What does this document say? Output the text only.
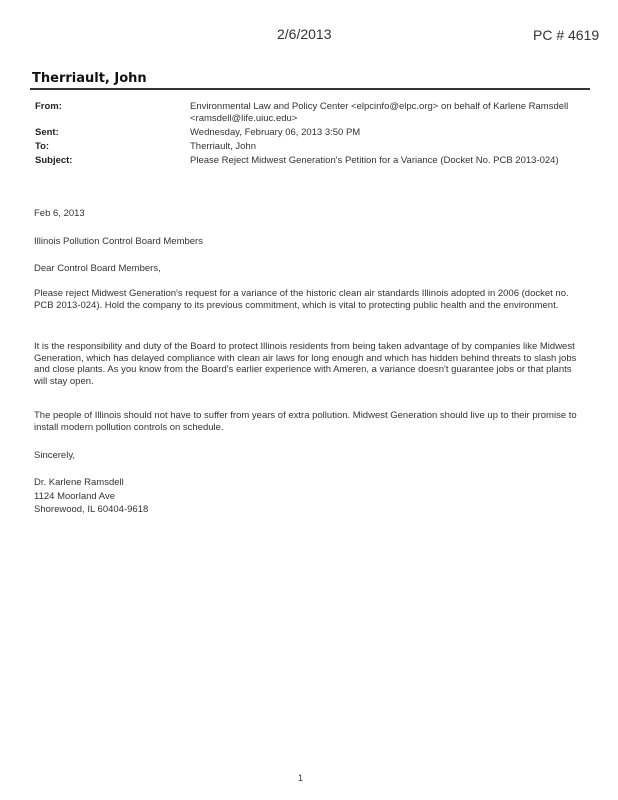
2/6/2013	PC # 4619
Therriault, John
From:	Environmental Law and Policy Center <elpcinfo@elpc.org> on behalf of Karlene Ramsdell <ramsdell@life.uiuc.edu>
Sent:	Wednesday, February 06, 2013 3:50 PM
To:	Therriault, John
Subject:	Please Reject Midwest Generation's Petition for a Variance (Docket No. PCB 2013-024)
Feb 6, 2013
Illinois Pollution Control Board Members
Dear Control Board Members,
Please reject Midwest Generation's request for a variance of the historic clean air standards Illinois adopted in 2006 (docket no. PCB 2013-024). Hold the company to its previous commitment, which is vital to protecting public health and the environment.
It is the responsibility and duty of the Board to protect Illinois residents from being taken advantage of by companies like Midwest Generation, which has delayed compliance with clean air laws for long enough and which has hidden behind threats to slash jobs and close plants. As you know from the Board's earlier experience with Ameren, a variance doesn't guarantee jobs or that plants will stay open.
The people of Illinois should not have to suffer from years of extra pollution. Midwest Generation should live up to their promise to install modern pollution controls on schedule.
Sincerely,
Dr. Karlene Ramsdell
1124 Moorland Ave
Shorewood, IL 60404-9618
1
